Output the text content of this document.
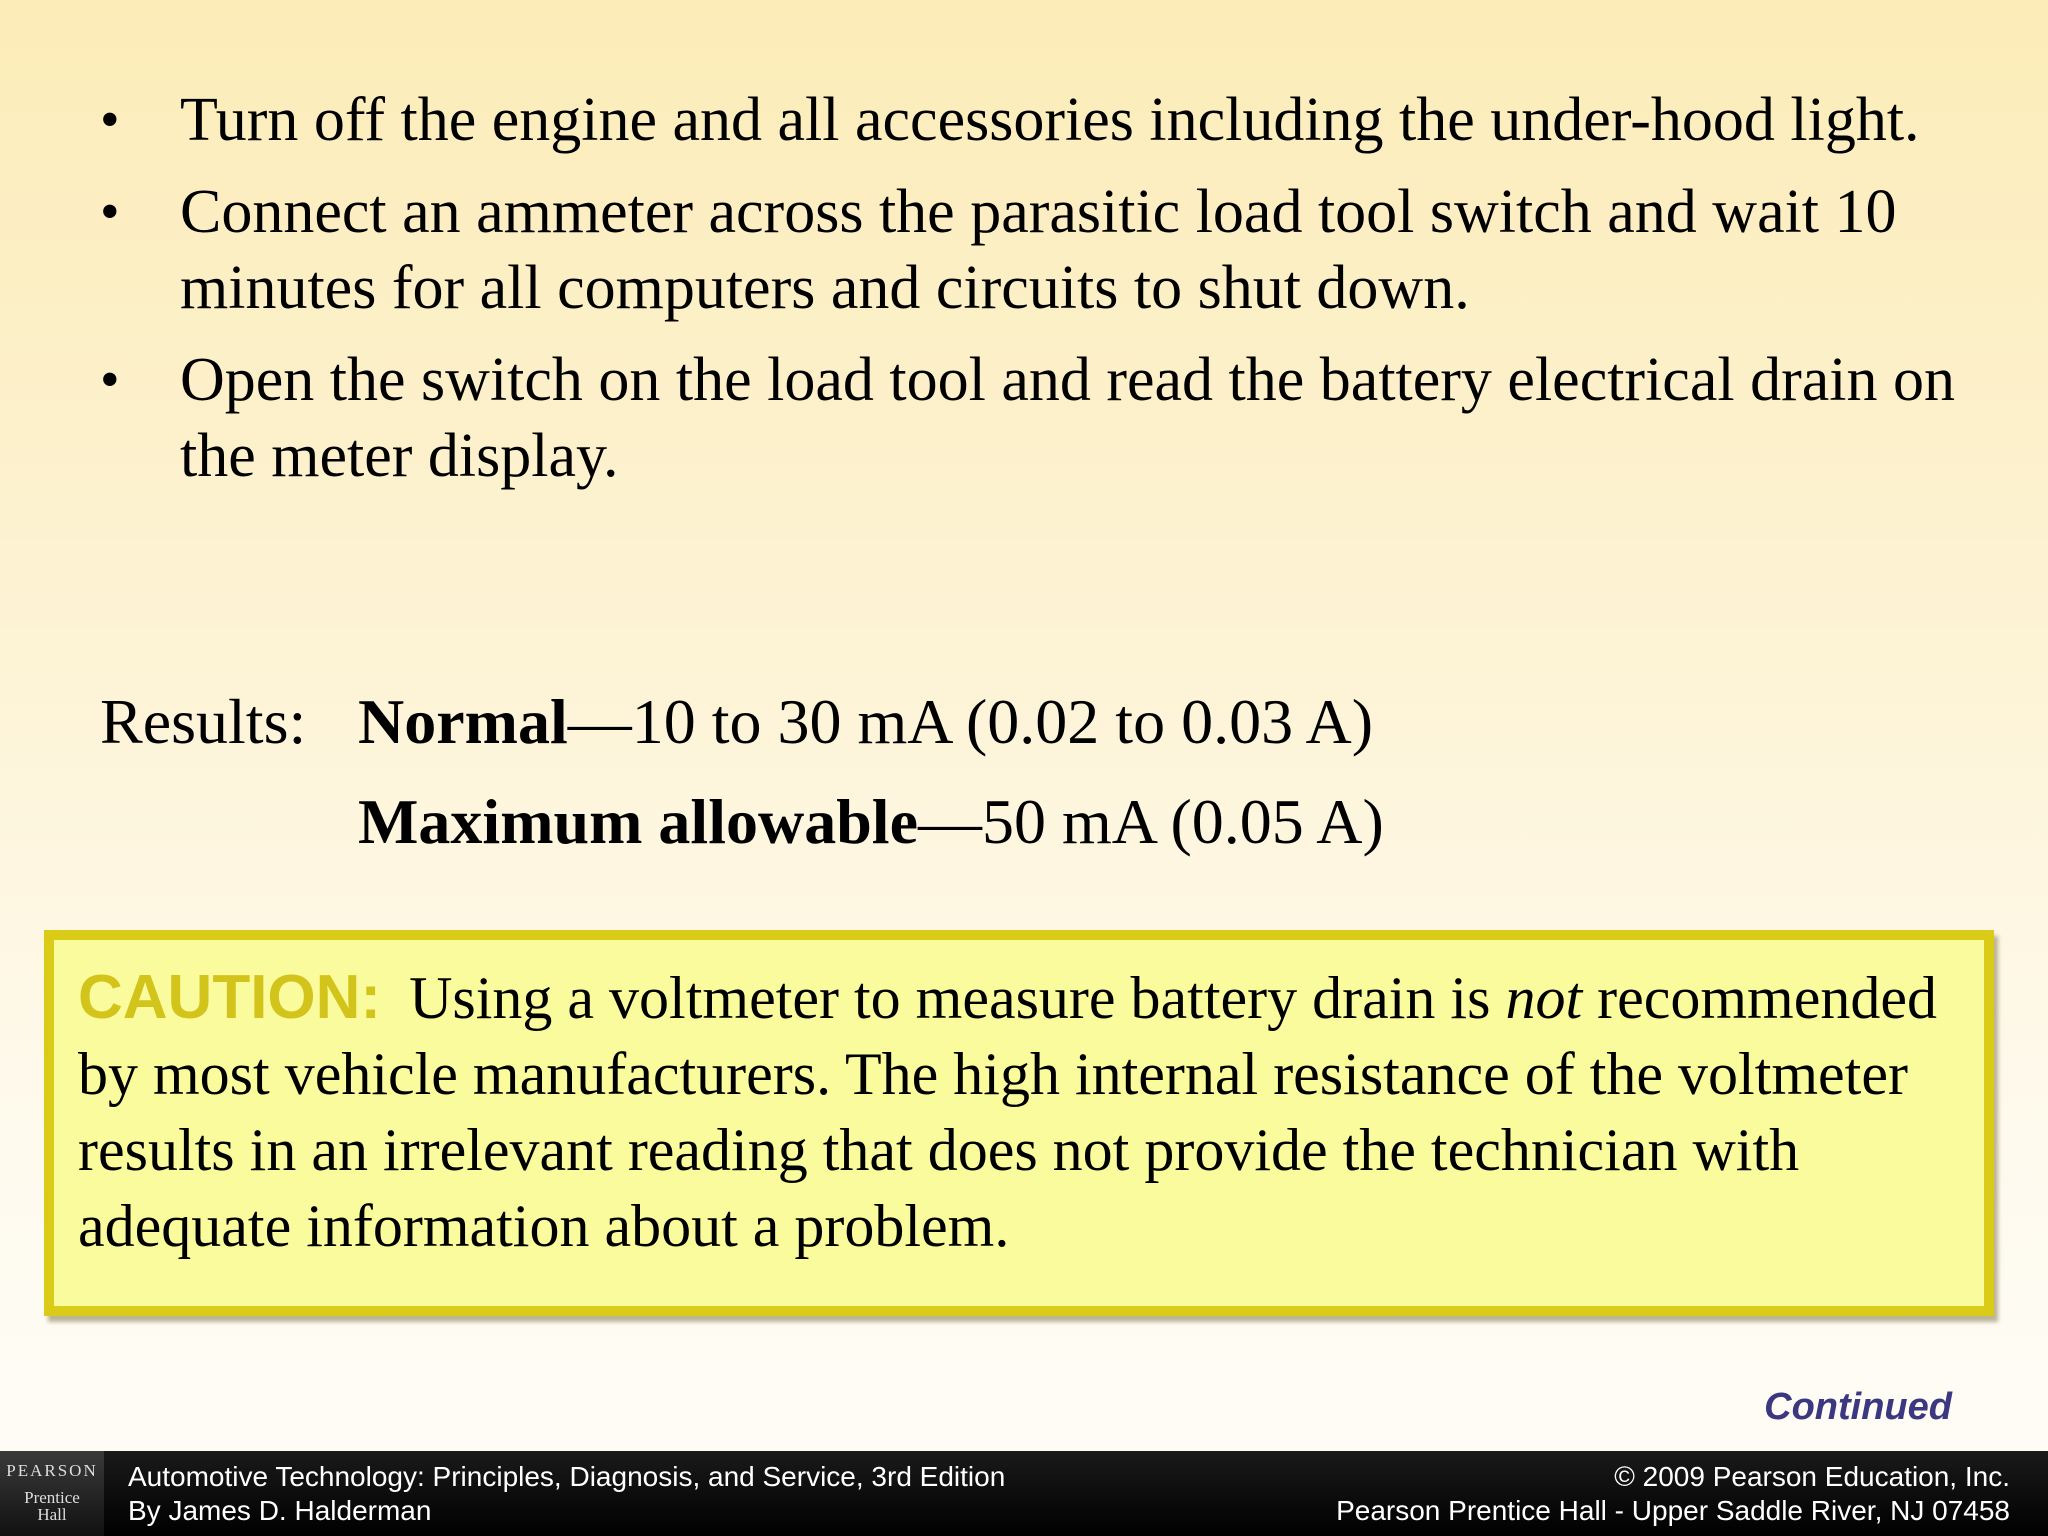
• Turn off the engine and all accessories including the under-hood light.
• Connect an ammeter across the parasitic load tool switch and wait 10 minutes for all computers and circuits to shut down.
• Open the switch on the load tool and read the battery electrical drain on the meter display.
Results: Normal—10 to 30 mA (0.02 to 0.03 A)
Maximum allowable—50 mA (0.05 A)
CAUTION: Using a voltmeter to measure battery drain is not recommended by most vehicle manufacturers. The high internal resistance of the voltmeter results in an irrelevant reading that does not provide the technician with adequate information about a problem.
Continued
PEARSON
Prentice
Hall
Automotive Technology: Principles, Diagnosis, and Service, 3rd Edition
By James D. Halderman
© 2009 Pearson Education, Inc.
Pearson Prentice Hall - Upper Saddle River, NJ 07458
